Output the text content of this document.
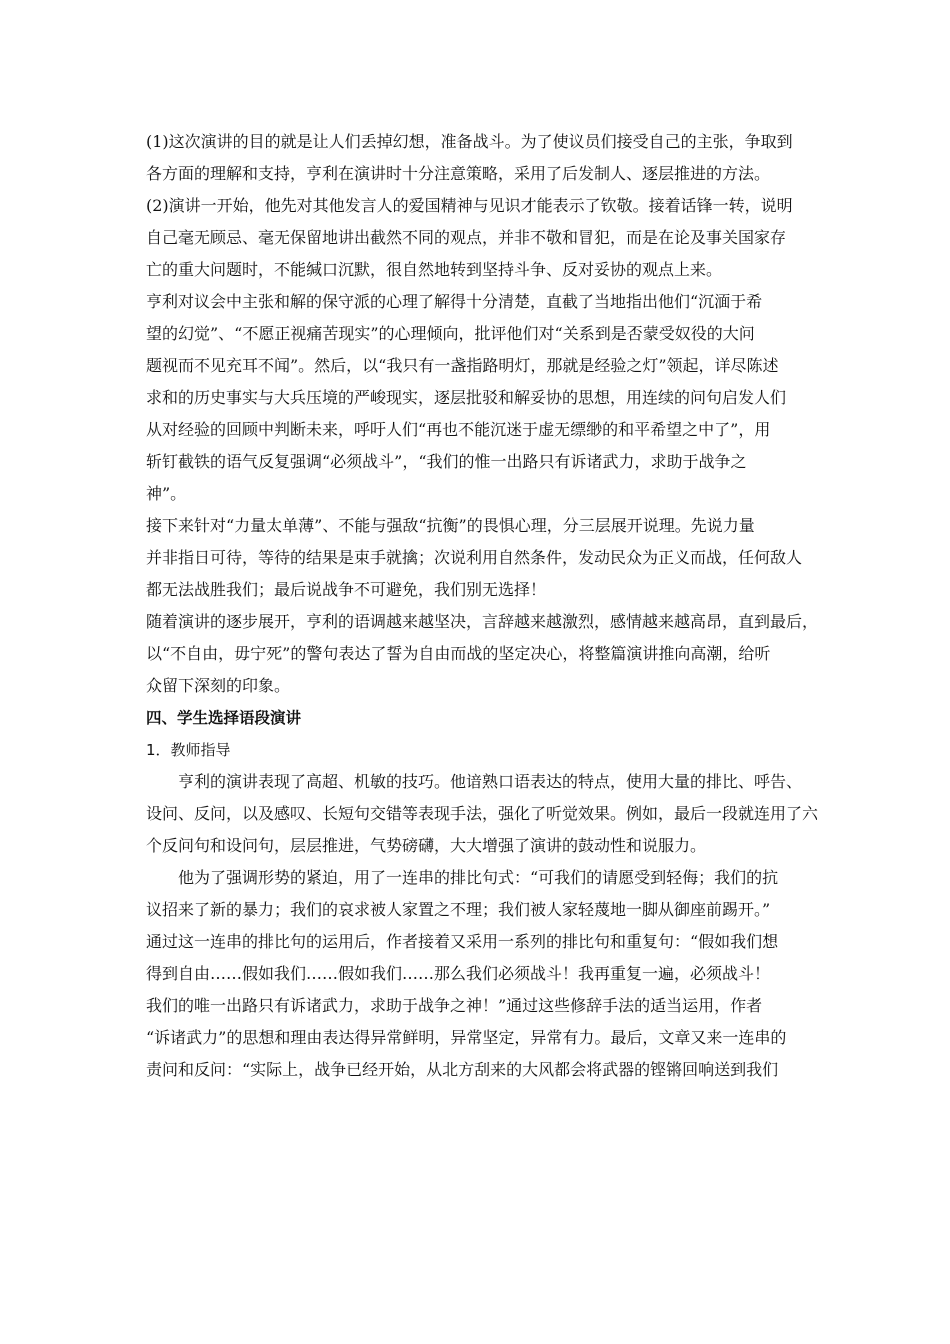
(1)这次演讲的目的就是让人们丢掉幻想，准备战斗。为了使议员们接受自己的主张，争取到
各方面的理解和支持，亨利在演讲时十分注意策略，采用了后发制人、逐层推进的方法。
(2)演讲一开始，他先对其他发言人的爱国精神与见识才能表示了钦敬。接着话锋一转，说明
自己毫无顾忌、毫无保留地讲出截然不同的观点，并非不敬和冒犯，而是在论及事关国家存
亡的重大问题时，不能缄口沉默，很自然地转到坚持斗争、反对妥协的观点上来。
亨利对议会中主张和解的保守派的心理了解得十分清楚，直截了当地指出他们“沉湎于希
望的幻觉”、“不愿正视痛苦现实”的心理倾向，批评他们对“关系到是否蒙受奴役的大问
题视而不见充耳不闻”。然后，以“我只有一盏指路明灯，那就是经验之灯”领起，详尽陈述
求和的历史事实与大兵压境的严峻现实，逐层批驳和解妥协的思想，用连续的问句启发人们
从对经验的回顾中判断未来，呼吁人们“再也不能沉迷于虚无缥缈的和平希望之中了”，用
斩钉截铁的语气反复强调“必须战斗”，“我们的惟一出路只有诉诸武力，求助于战争之
神”。
接下来针对“力量太单薄”、不能与强敌“抗衡”的畏惧心理，分三层展开说理。先说力量
并非指日可待，等待的结果是束手就擒；次说利用自然条件，发动民众为正义而战，任何敌人
都无法战胜我们；最后说战争不可避免，我们别无选择！
随着演讲的逐步展开，亨利的语调越来越坚决，言辞越来越激烈，感情越来越高昂，直到最后，
以“不自由，毋宁死”的警句表达了誓为自由而战的坚定决心，将整篇演讲推向高潮，给听
众留下深刻的印象。
四、学生选择语段演讲
1．教师指导
亨利的演讲表现了高超、机敏的技巧。他谙熟口语表达的特点，使用大量的排比、呼告、
设问、反问，以及感叹、长短句交错等表现手法，强化了听觉效果。例如，最后一段就连用了六
个反问句和设问句，层层推进，气势磅礴，大大增强了演讲的鼓动性和说服力。
他为了强调形势的紧迫，用了一连串的排比句式：“可我们的请愿受到轻侮；我们的抗
议招来了新的暴力；我们的哀求被人家置之不理；我们被人家轻蔑地一脚从御座前踢开。”
通过这一连串的排比句的运用后，作者接着又采用一系列的排比句和重复句：“假如我们想
得到自由……假如我们……假如我们……那么我们必须战斗！我再重复一遍，必须战斗！
我们的唯一出路只有诉诸武力，求助于战争之神！”通过这些修辞手法的适当运用，作者
“诉诸武力”的思想和理由表达得异常鲜明，异常坚定，异常有力。最后，文章又来一连串的
责问和反问：“实际上，战争已经开始，从北方刮来的大风都会将武器的铿锵回响送到我们
